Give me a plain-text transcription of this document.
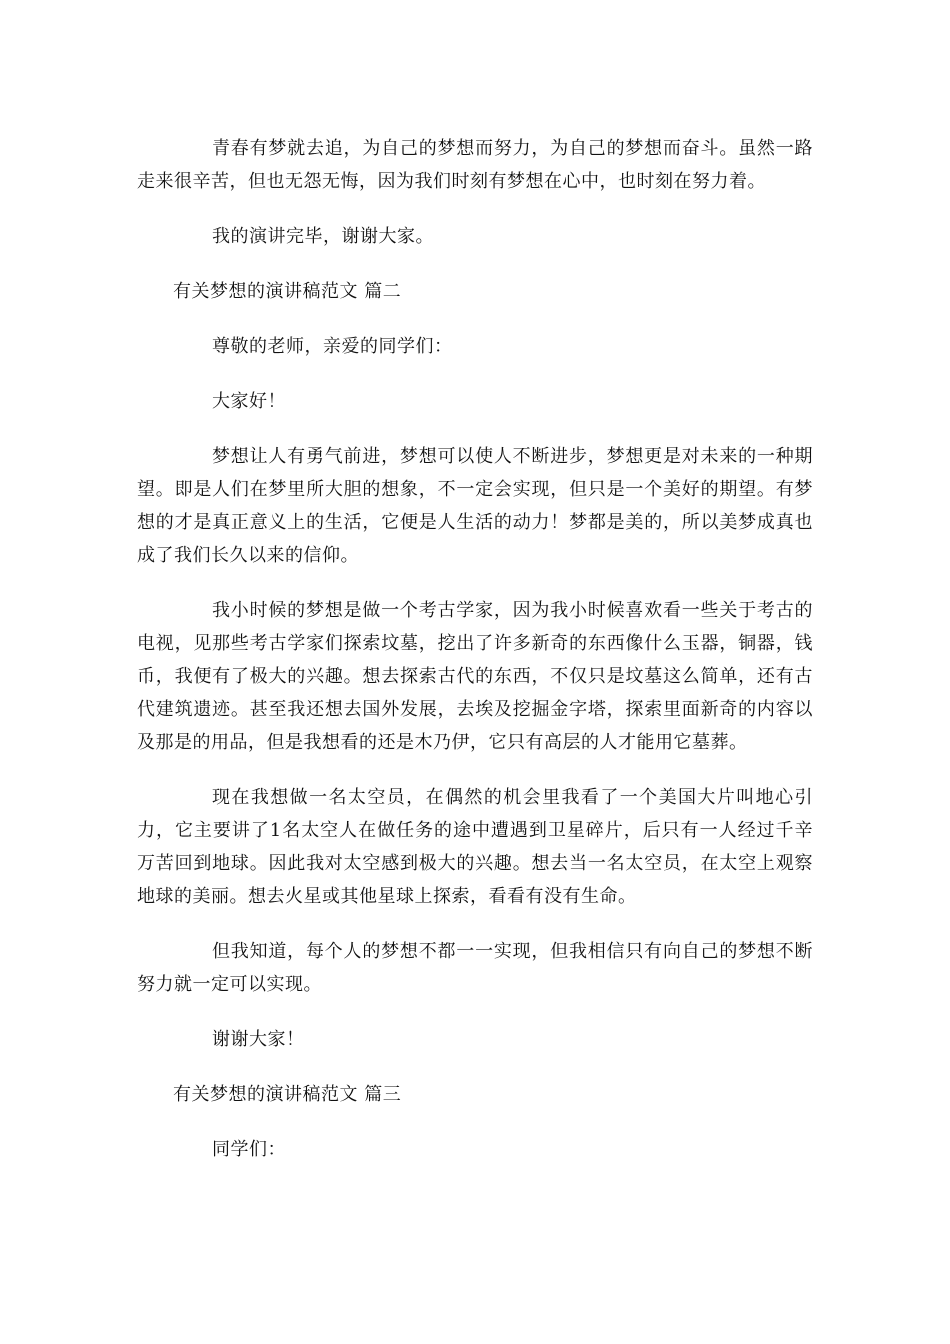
青春有梦就去追，为自己的梦想而努力，为自己的梦想而奋斗。虽然一路走来很辛苦，但也无怨无悔，因为我们时刻有梦想在心中，也时刻在努力着。

我的演讲完毕，谢谢大家。

有关梦想的演讲稿范文 篇二

尊敬的老师，亲爱的同学们：

大家好！

梦想让人有勇气前进，梦想可以使人不断进步，梦想更是对未来的一种期望。即是人们在梦里所大胆的想象，不一定会实现，但只是一个美好的期望。有梦想的才是真正意义上的生活，它便是人生活的动力！梦都是美的，所以美梦成真也成了我们长久以来的信仰。

我小时候的梦想是做一个考古学家，因为我小时候喜欢看一些关于考古的电视，见那些考古学家们探索坟墓，挖出了许多新奇的东西像什么玉器，铜器，钱币，我便有了极大的兴趣。想去探索古代的东西，不仅只是坟墓这么简单，还有古代建筑遗迹。甚至我还想去国外发展，去埃及挖掘金字塔，探索里面新奇的内容以及那是的用品，但是我想看的还是木乃伊，它只有高层的人才能用它墓葬。

现在我想做一名太空员，在偶然的机会里我看了一个美国大片叫地心引力，它主要讲了1名太空人在做任务的途中遭遇到卫星碎片，后只有一人经过千辛万苦回到地球。因此我对太空感到极大的兴趣。想去当一名太空员，在太空上观察地球的美丽。想去火星或其他星球上探索，看看有没有生命。

但我知道，每个人的梦想不都一一实现，但我相信只有向自己的梦想不断努力就一定可以实现。

谢谢大家！

有关梦想的演讲稿范文 篇三

同学们：
